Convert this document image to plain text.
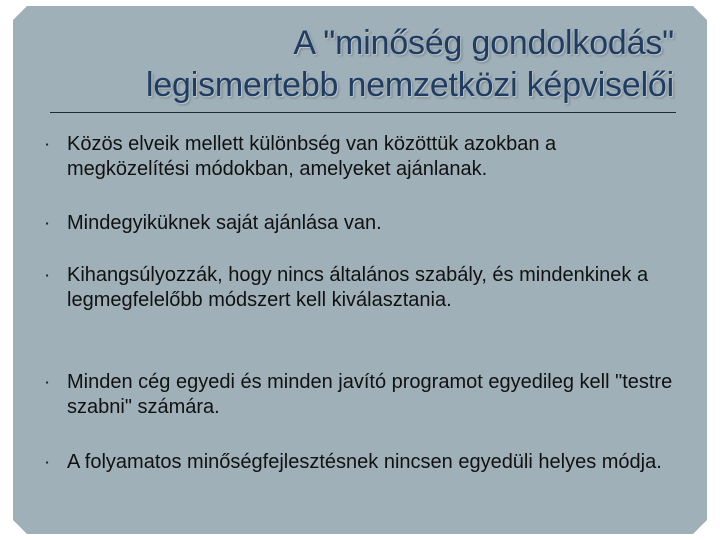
A "minőség gondolkodás"
legismertebb nemzetközi képviselői
▪ Közös elveik mellett különbség van közöttük azokban a megközelítési módokban, amelyeket ajánlanak.
▪ Mindegyiküknek saját ajánlása van.
▪ Kihangsúlyozzák, hogy nincs általános szabály, és mindenkinek a legmegfelelőbb módszert kell kiválasztania.
▪ Minden cég egyedi és minden javító programot egyedileg kell "testre szabni" számára.
▪ A folyamatos minőségfejlesztésnek nincsen egyedüli helyes módja.
